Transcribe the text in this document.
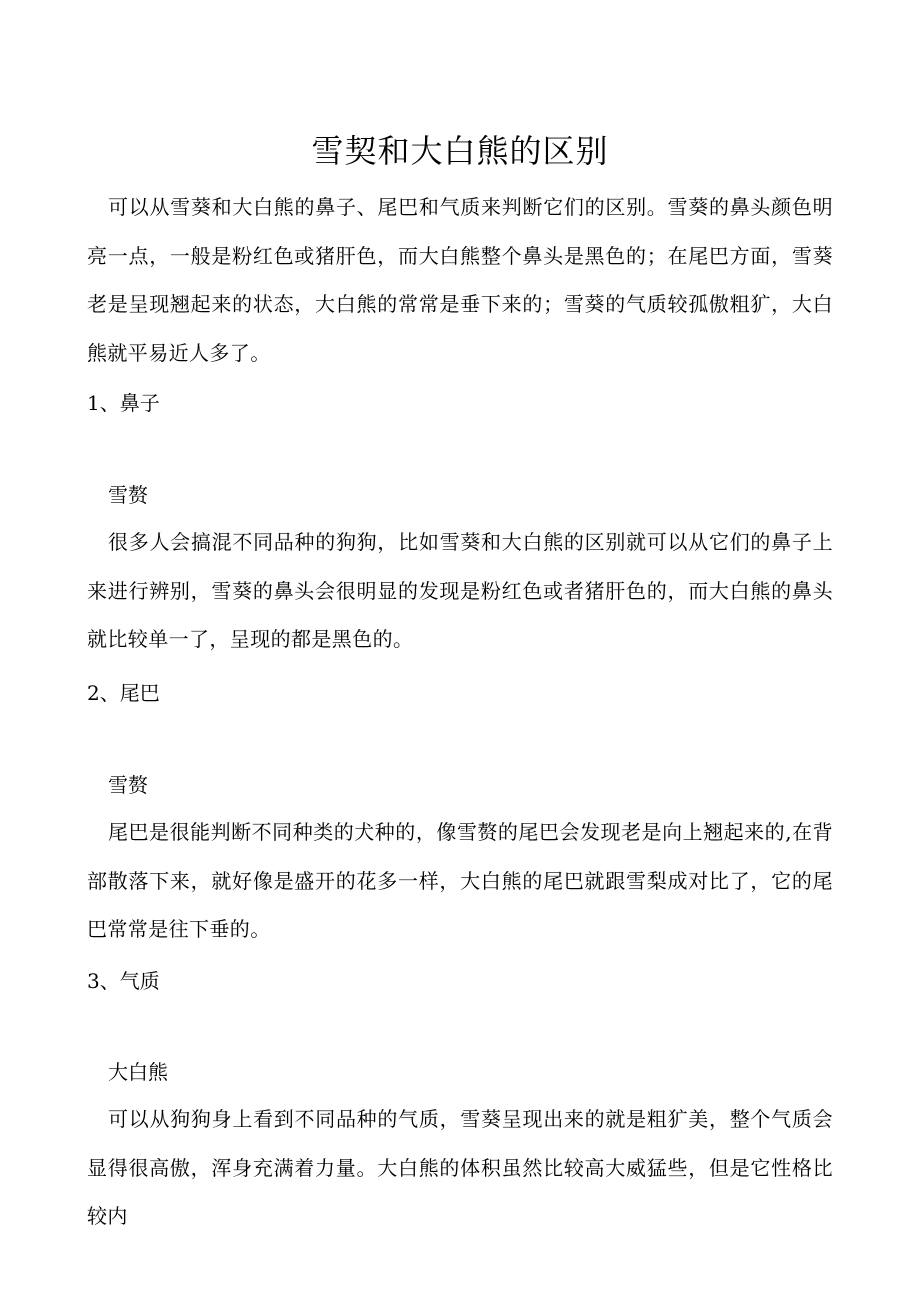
雪契和大白熊的区别

可以从雪葵和大白熊的鼻子、尾巴和气质来判断它们的区别。雪葵的鼻头颜色明亮一点，一般是粉红色或猪肝色，而大白熊整个鼻头是黑色的；在尾巴方面，雪葵老是呈现翘起来的状态，大白熊的常常是垂下来的；雪葵的气质较孤傲粗犷，大白熊就平易近人多了。

1、鼻子

雪赘

很多人会搞混不同品种的狗狗，比如雪葵和大白熊的区别就可以从它们的鼻子上来进行辨别，雪葵的鼻头会很明显的发现是粉红色或者猪肝色的，而大白熊的鼻头就比较单一了，呈现的都是黑色的。

2、尾巴

雪赘

尾巴是很能判断不同种类的犬种的，像雪赘的尾巴会发现老是向上翘起来的,在背部散落下来，就好像是盛开的花多一样，大白熊的尾巴就跟雪梨成对比了，它的尾巴常常是往下垂的。

3、气质

大白熊

可以从狗狗身上看到不同品种的气质，雪葵呈现出来的就是粗犷美，整个气质会显得很高傲，浑身充满着力量。大白熊的体积虽然比较高大威猛些，但是它性格比较内
